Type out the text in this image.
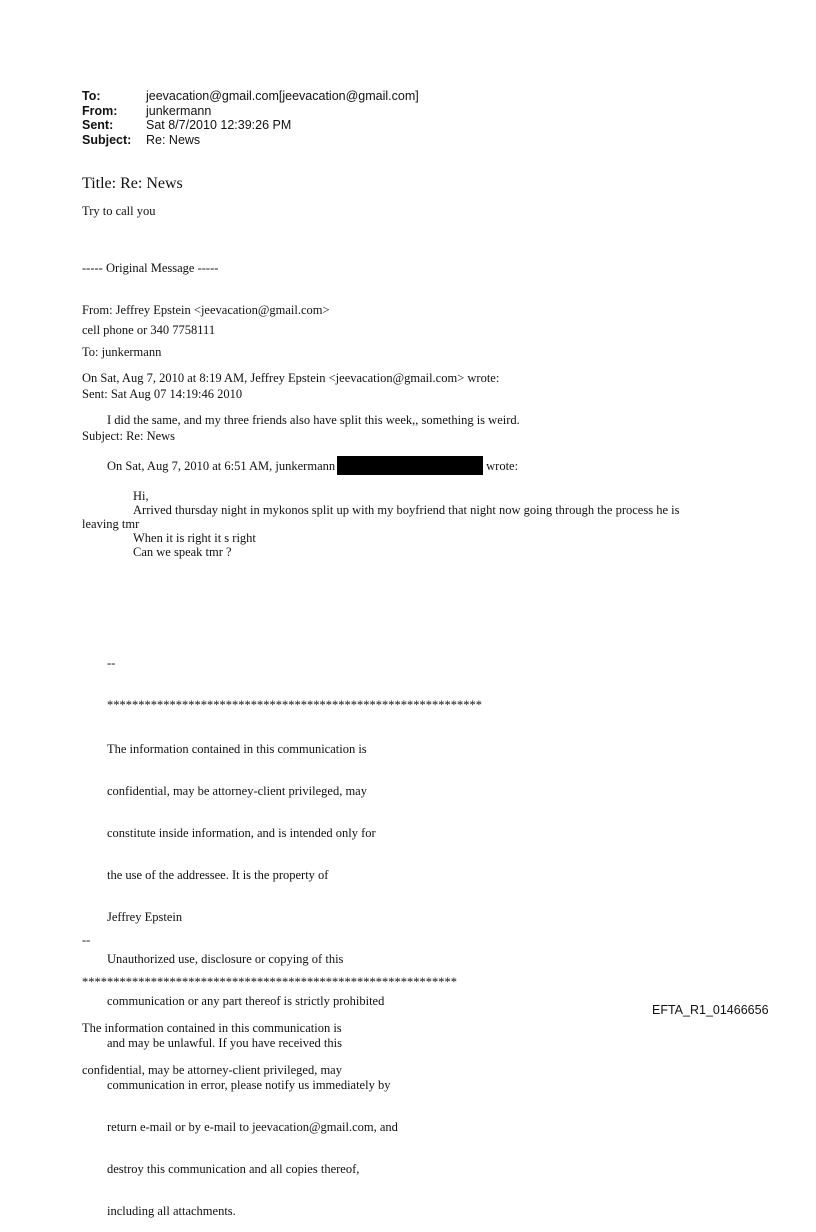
To:	jeevacation@gmail.com[jeevacation@gmail.com]
From:	junkermann
Sent:	Sat 8/7/2010 12:39:26 PM
Subject:	Re: News
Title: Re: News
Try to call you

----- Original Message -----

From: Jeffrey Epstein <jeevacation@gmail.com>

To: junkermann

Sent: Sat Aug 07 14:19:46 2010

Subject: Re: News

cell phone or 340 7758111
On Sat, Aug 7, 2010 at 8:19 AM, Jeffrey Epstein <jeevacation@gmail.com> wrote:
I did the same, and my three friends also have split this week,, something is weird.
On Sat, Aug 7, 2010 at 6:51 AM, junkermann	wrote:
Hi,
Arrived thursday night in mykonos split up with my boyfriend that night now going through the process he is
leaving tmr
When it is right it s right
Can we speak tmr ?

--

************************************************************

The information contained in this communication is

confidential, may be attorney-client privileged, may

constitute inside information, and is intended only for

the use of the addressee. It is the property of

Jeffrey Epstein

Unauthorized use, disclosure or copying of this

communication or any part thereof is strictly prohibited

and may be unlawful. If you have received this

communication in error, please notify us immediately by

return e-mail or by e-mail to jeevacation@gmail.com, and

destroy this communication and all copies thereof,

including all attachments.

--

************************************************************

The information contained in this communication is

confidential, may be attorney-client privileged, may

EFTA_R1_01466656
